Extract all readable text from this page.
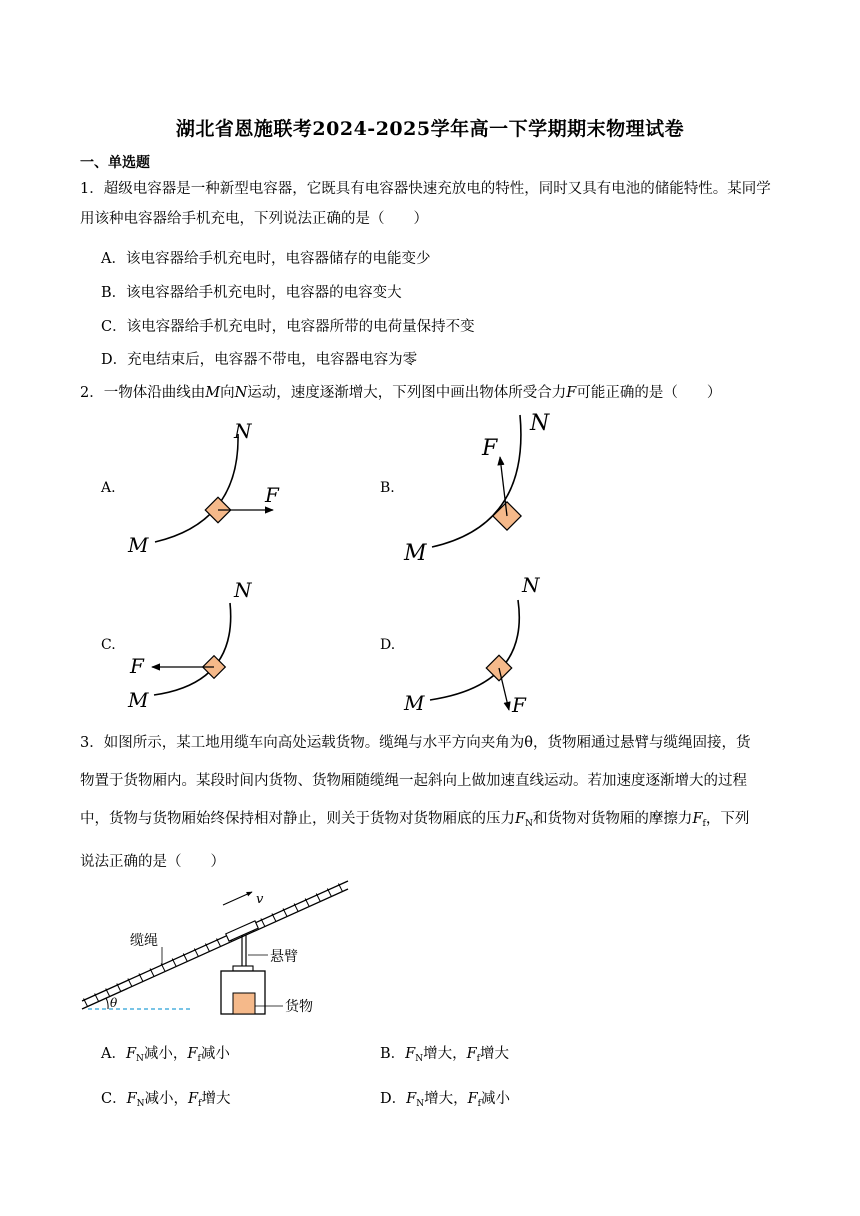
湖北省恩施联考2024-2025学年高一下学期期末物理试卷
一、单选题
1．超级电容器是一种新型电容器，它既具有电容器快速充放电的特性，同时又具有电池的储能特性。某同学用该种电容器给手机充电，下列说法正确的是（　　）
A．该电容器给手机充电时，电容器储存的电能变少
B．该电容器给手机充电时，电容器的电容变大
C．该电容器给手机充电时，电容器所带的电荷量保持不变
D．充电结束后，电容器不带电，电容器电容为零
2．一物体沿曲线由M向N运动，速度逐渐增大，下列图中画出物体所受合力F可能正确的是（　　）
A.	B.
C.	D.
N
F
M
N
F
M
N
F
M
N
F
M
3．如图所示，某工地用缆车向高处运载货物。缆绳与水平方向夹角为θ，货物厢通过悬臂与缆绳固接，货
物置于货物厢内。某段时间内货物、货物厢随缆绳一起斜向上做加速直线运动。若加速度逐渐增大的过程
中，货物与货物厢始终保持相对静止，则关于货物对货物厢底的压力$F_N$和货物对货物厢的摩擦力$F_f$，下列
说法正确的是（　　）
θ
v
缆绳
悬臂
货物
A．$F_N$减小，$F_f$减小	B．$F_N$增大，$F_f$增大
C．$F_N$减小，$F_f$增大	D．$F_N$增大，$F_f$减小
